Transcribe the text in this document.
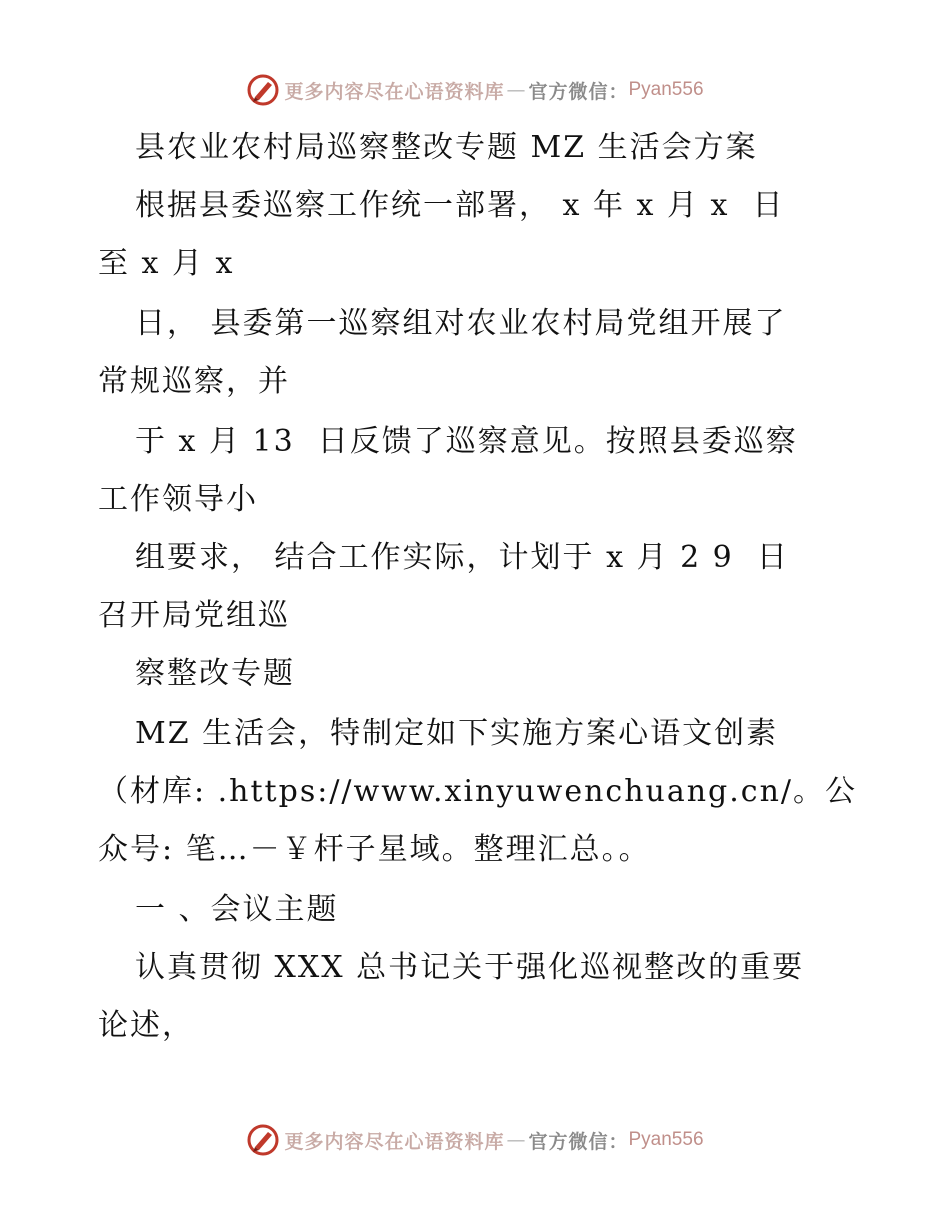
更多内容尽在心语资料库 — 官方微信： Pyan556
县农业农村局巡察整改专题 MZ 生活会方案
根据县委巡察工作统一部署， x 年 x 月 x  日
至 x 月 x
日， 县委第一巡察组对农业农村局党组开展了
常规巡察，并
于 x 月 13  日反馈了巡察意见。按照县委巡察
工作领导小
组要求， 结合工作实际，计划于 x 月 2 9  日
召开局党组巡
察整改专题
MZ 生活会，特制定如下实施方案心语文创素
（材库: .https://www.xinyuwenchuang.cn/。公
众号: 笔…－￥杆子星域。整理汇总。。
一 、会议主题
认真贯彻 XXX 总书记关于强化巡视整改的重要
论述，
更多内容尽在心语资料库 — 官方微信： Pyan556
